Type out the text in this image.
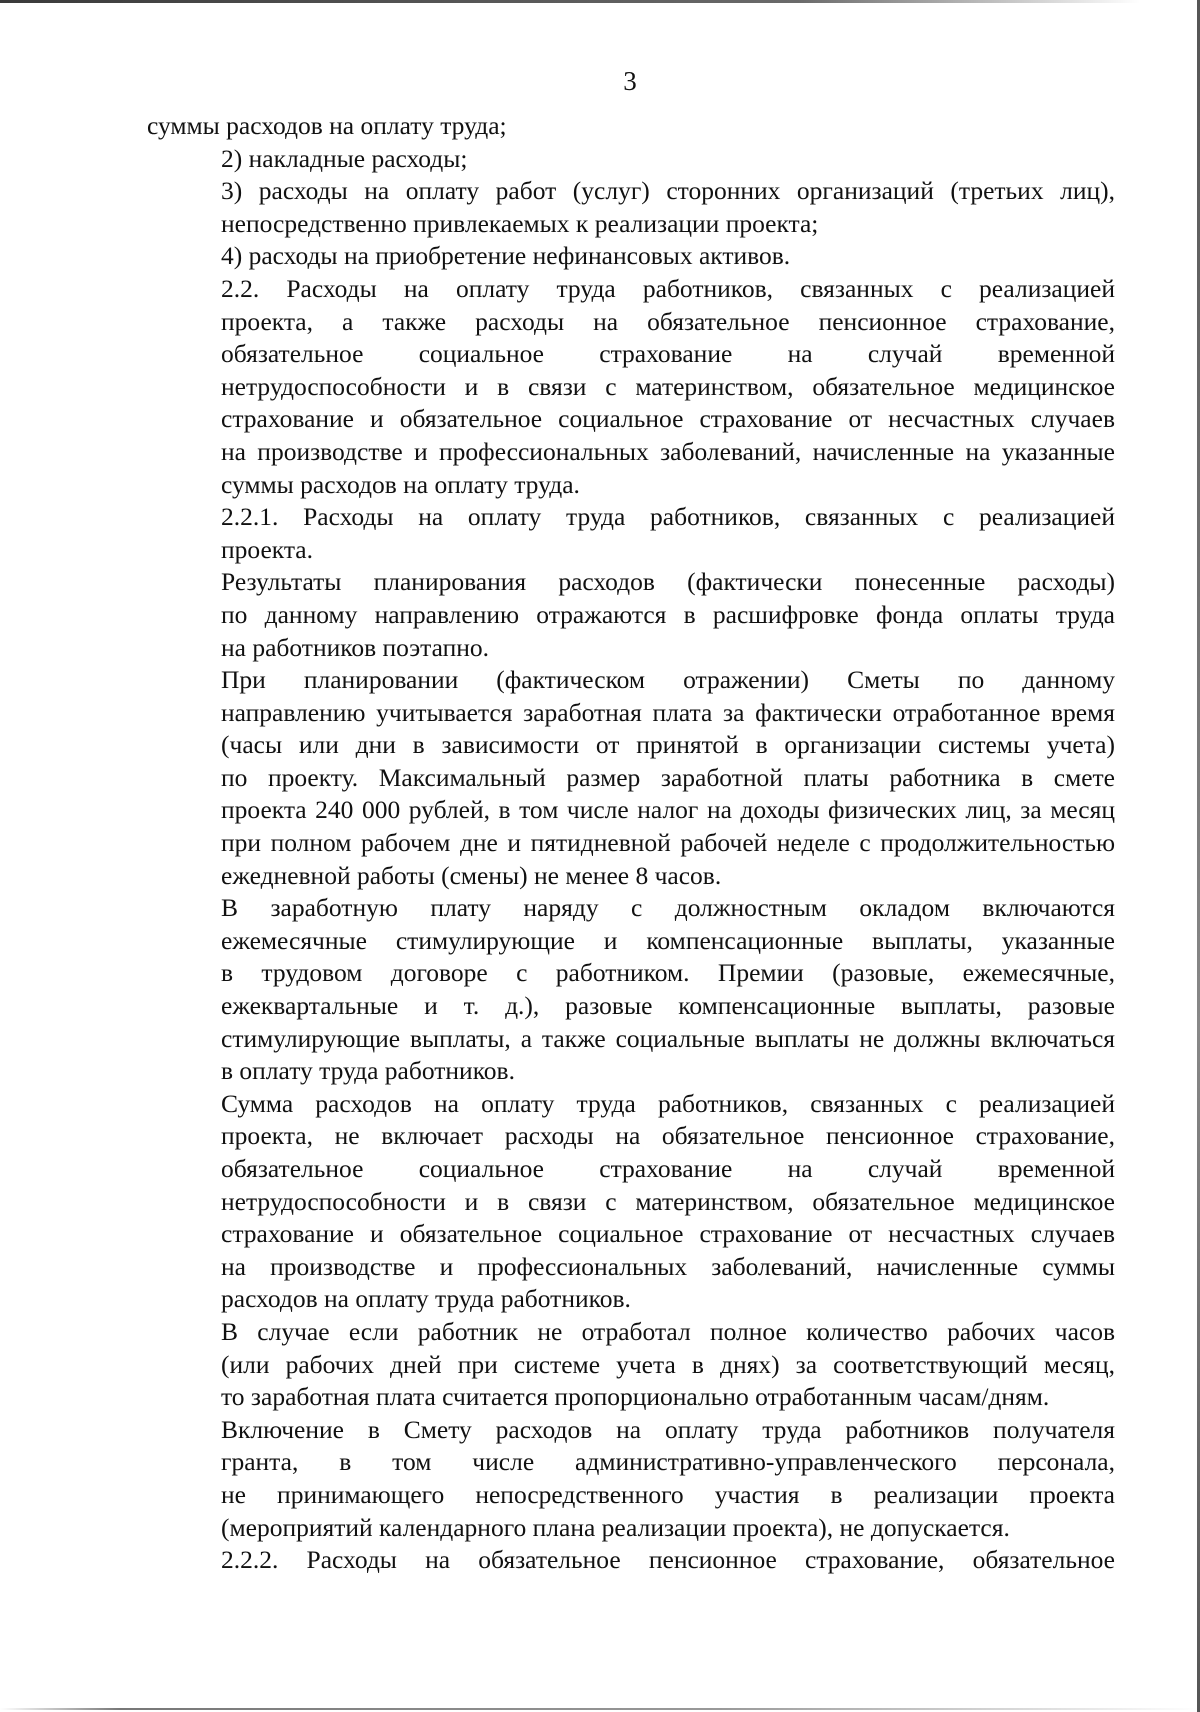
3

суммы расходов на оплату труда;

2) накладные расходы;

3) расходы на оплату работ (услуг) сторонних организаций (третьих лиц),
непосредственно привлекаемых к реализации проекта;

4) расходы на приобретение нефинансовых активов.

2.2. Расходы на оплату труда работников, связанных с реализацией
проекта, а также расходы на обязательное пенсионное страхование,
обязательное социальное страхование на случай временной
нетрудоспособности и в связи с материнством, обязательное медицинское
страхование и обязательное социальное страхование от несчастных случаев
на производстве и профессиональных заболеваний, начисленные на указанные
суммы расходов на оплату труда.

2.2.1. Расходы на оплату труда работников, связанных с реализацией
проекта.

Результаты планирования расходов (фактически понесенные расходы)
по данному направлению отражаются в расшифровке фонда оплаты труда
на работников поэтапно.

При планировании (фактическом отражении) Сметы по данному
направлению учитывается заработная плата за фактически отработанное время
(часы или дни в зависимости от принятой в организации системы учета)
по проекту. Максимальный размер заработной платы работника в смете
проекта 240 000 рублей, в том числе налог на доходы физических лиц, за месяц
при полном рабочем дне и пятидневной рабочей неделе с продолжительностью
ежедневной работы (смены) не менее 8 часов.

В заработную плату наряду с должностным окладом включаются
ежемесячные стимулирующие и компенсационные выплаты, указанные
в трудовом договоре с работником. Премии (разовые, ежемесячные,
ежеквартальные и т. д.), разовые компенсационные выплаты, разовые
стимулирующие выплаты, а также социальные выплаты не должны включаться
в оплату труда работников.

Сумма расходов на оплату труда работников, связанных с реализацией
проекта, не включает расходы на обязательное пенсионное страхование,
обязательное социальное страхование на случай временной
нетрудоспособности и в связи с материнством, обязательное медицинское
страхование и обязательное социальное страхование от несчастных случаев
на производстве и профессиональных заболеваний, начисленные суммы
расходов на оплату труда работников.

В случае если работник не отработал полное количество рабочих часов
(или рабочих дней при системе учета в днях) за соответствующий месяц,
то заработная плата считается пропорционально отработанным часам/дням.

Включение в Смету расходов на оплату труда работников получателя
гранта, в том числе административно-управленческого персонала,
не принимающего непосредственного участия в реализации проекта
(мероприятий календарного плана реализации проекта), не допускается.

2.2.2. Расходы на обязательное пенсионное страхование, обязательное
